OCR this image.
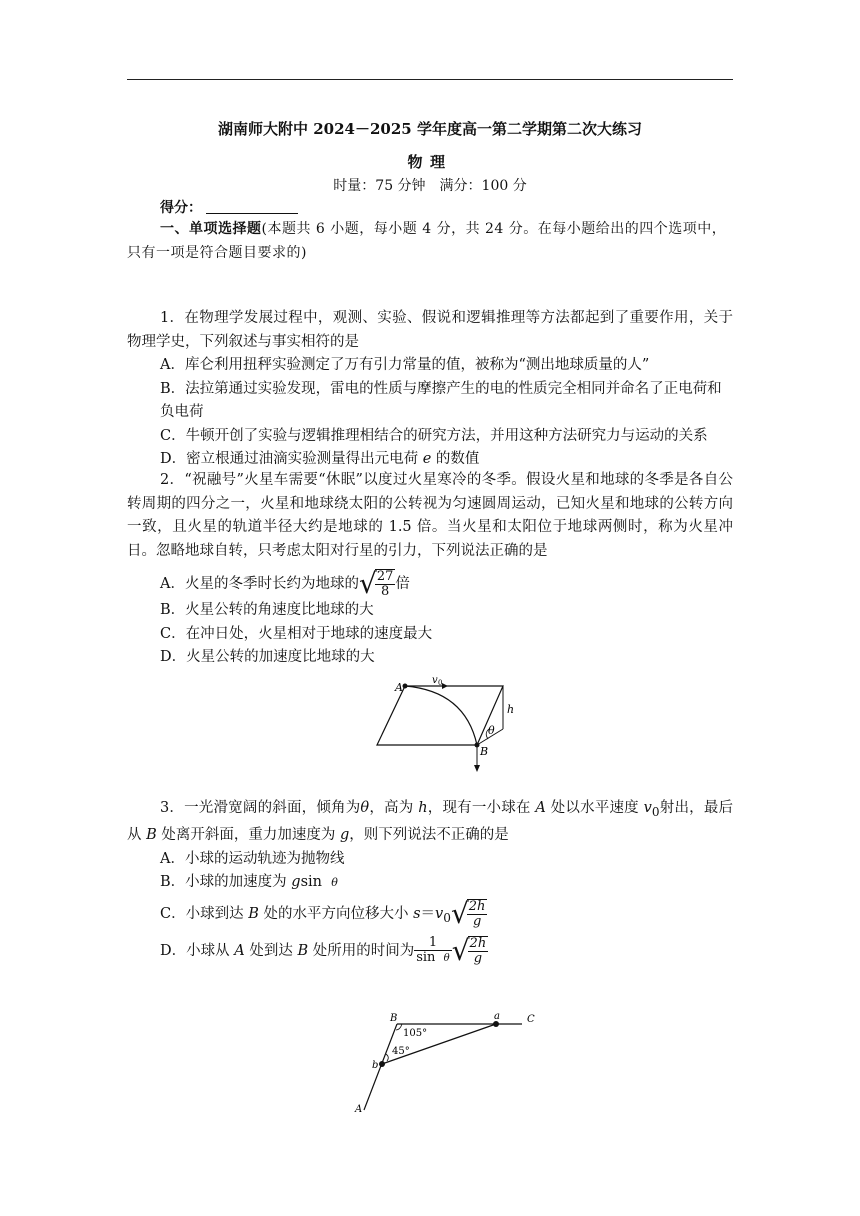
湖南师大附中 2024－2025 学年度高一第二学期第二次大练习
物理
时量：75 分钟　满分：100 分
得分：
一、单项选择题(本题共 6 小题，每小题 4 分，共 24 分。在每小题给出的四个选项中，只有一项是符合题目要求的)

1．在物理学发展过程中，观测、实验、假说和逻辑推理等方法都起到了重要作用，关于物理学史，下列叙述与事实相符的是

A．库仑利用扭秤实验测定了万有引力常量的值，被称为“测出地球质量的人”

B．法拉第通过实验发现，雷电的性质与摩擦产生的电的性质完全相同并命名了正电荷和负电荷

C．牛顿开创了实验与逻辑推理相结合的研究方法，并用这种方法研究力与运动的关系

D．密立根通过油滴实验测量得出元电荷 e 的数值

2．“祝融号”火星车需要“休眠”以度过火星寒冷的冬季。假设火星和地球的冬季是各自公转周期的四分之一，火星和地球绕太阳的公转视为匀速圆周运动，已知火星和地球的公转方向一致，且火星的轨道半径大约是地球的 1.5 倍。当火星和太阳位于地球两侧时，称为火星冲日。忽略地球自转，只考虑太阳对行星的引力，下列说法正确的是

A．火星的冬季时长约为地球的√
$\frac{27}{8}$ 倍

B．火星公转的角速度比地球的大

C．在冲日处，火星相对于地球的速度最大

D．火星公转的加速度比地球的大

A
B
v 0
h
θ

3．一光滑宽阔的斜面，倾角为θ，高为 h，现有一小球在 A 处以水平速度 $v_0$射出，最后从 B 处离开斜面，重力加速度为 g，则下列说法不正确的是

A．小球的运动轨迹为抛物线

B．小球的加速度为 gsin θ

C．小球到达 B 处的水平方向位移大小 $s=v_0√$
$\frac{2h}{g}$

D．小球从 A 处到达 B 处所用的时间为 $\frac{1}{\text{sin θ}}$ √
$\frac{2h}{g}$

B	a	C
b
A
105°
45°
